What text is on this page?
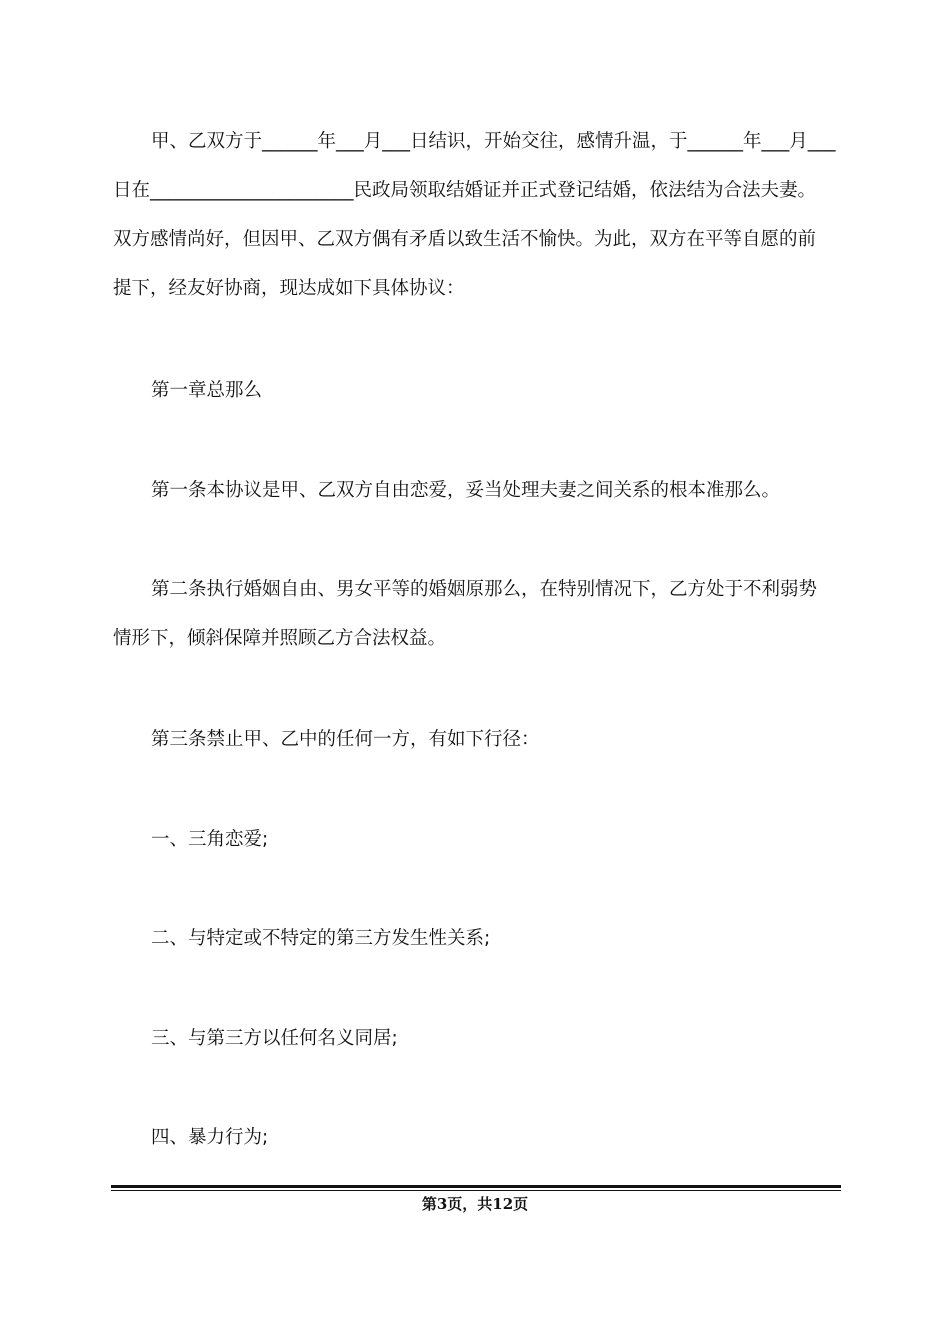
甲、乙双方于______年___月___日结识，开始交往，感情升温，于______年___月___
日在______________________民政局领取结婚证并正式登记结婚，依法结为合法夫妻。
双方感情尚好，但因甲、乙双方偶有矛盾以致生活不愉快。为此，双方在平等自愿的前
提下，经友好协商，现达成如下具体协议：
第一章总那么
第一条本协议是甲、乙双方自由恋爱，妥当处理夫妻之间关系的根本准那么。
第二条执行婚姻自由、男女平等的婚姻原那么，在特别情况下，乙方处于不利弱势
情形下，倾斜保障并照顾乙方合法权益。
第三条禁止甲、乙中的任何一方，有如下行径：
一、三角恋爱;
二、与特定或不特定的第三方发生性关系;
三、与第三方以任何名义同居;
四、暴力行为;
第3页，共12页
